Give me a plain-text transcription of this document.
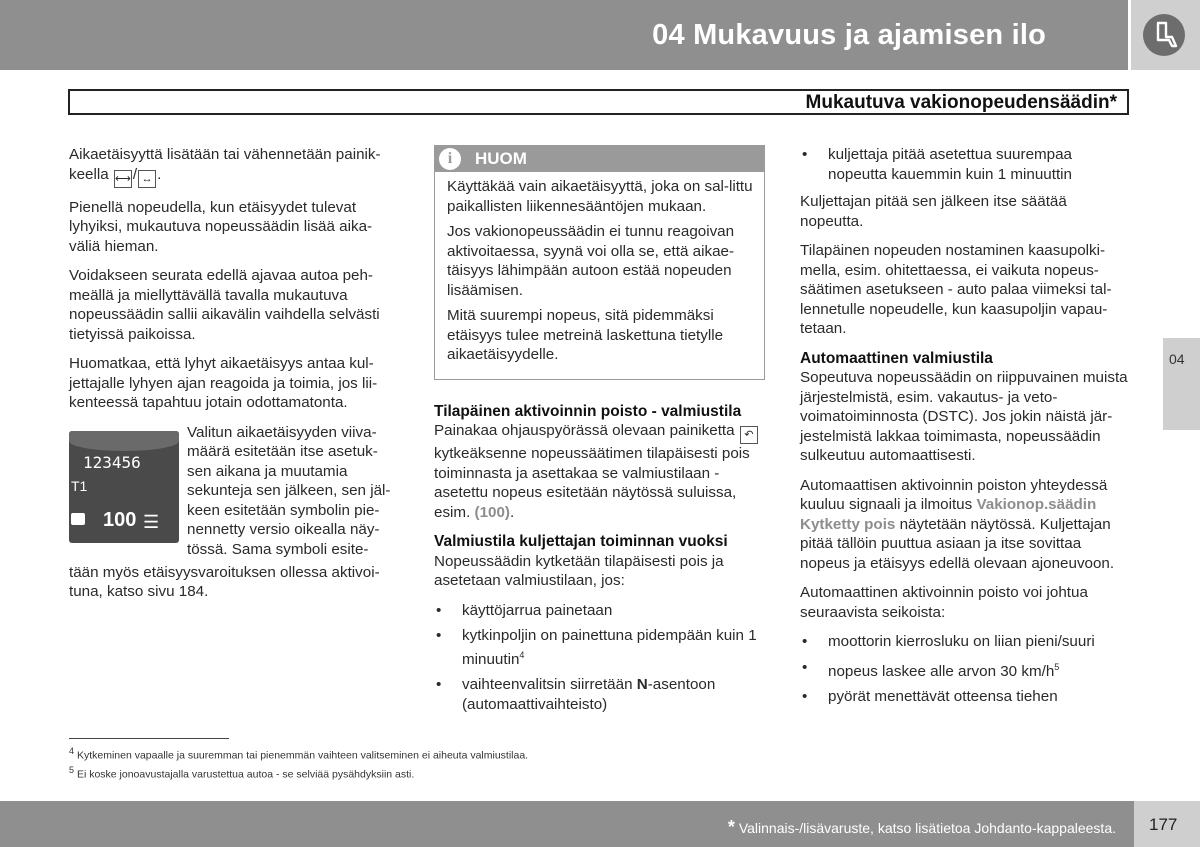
04 Mukavuus ja ajamisen ilo
Mukautuva vakionopeudensäädin*

Aikaetäisyyttä lisätään tai vähennetään painik-keella ⟷ / ↔ .

Pienellä nopeudella, kun etäisyydet tulevat lyhyiksi, mukautuva nopeussäädin lisää aika-väliä hieman.

Voidakseen seurata edellä ajavaa autoa peh-meällä ja miellyttävällä tavalla mukautuva nopeussäädin sallii aikavälin vaihdella selvästi tietyissä paikoissa.

Huomatkaa, että lyhyt aikaetäisyys antaa kul-jettajalle lyhyen ajan reagoida ja toimia, jos lii-kenteessä tapahtuu jotain odottamatonta.

123456
T1
100 ☰
Valitun aikaetäisyyden viiva-määrä esitetään itse asetuk-sen aikana ja muutamia sekunteja sen jälkeen, sen jäl-keen esitetään symbolin pie-nennetty versio oikealla näy-tössä. Sama symboli esite-
tään myös etäisyysvaroituksen ollessa aktivoi-tuna, katso sivu 184.
i	HUOM

Käyttäkää vain aikaetäisyyttä, joka on sal-littu paikallisten liikennesääntöjen mukaan.

Jos vakionopeussäädin ei tunnu reagoivan aktivoitaessa, syynä voi olla se, että aikae-täisyys lähimpään autoon estää nopeuden lisäämisen.

Mitä suurempi nopeus, sitä pidemmäksi etäisyys tulee metreinä laskettuna tietylle aikaetäisyydelle.

Tilapäinen aktivoinnin poisto - valmiustila

Painakaa ohjauspyörässä olevaan painiketta ↶ kytkeäksenne nopeussäätimen tilapäisesti pois toiminnasta ja asettakaa se valmiustilaan - asetettu nopeus esitetään näytössä suluissa, esim. (100).

Valmiustila kuljettajan toiminnan vuoksi

Nopeussäädin kytketään tilapäisesti pois ja asetetaan valmiustilaan, jos:

• käyttöjarrua painetaan
• kytkinpoljin on painettuna pidempään kuin 1 minuutin$^4$
• vaihteenvalitsin siirretään N-asentoon (automaattivaihteisto)
• kuljettaja pitää asetettua suurempaa nopeutta kauemmin kuin 1 minuuttin

Kuljettajan pitää sen jälkeen itse säätää nopeutta.

Tilapäinen nopeuden nostaminen kaasupolki-mella, esim. ohitettaessa, ei vaikuta nopeus-säätimen asetukseen - auto palaa viimeksi tal-lennetulle nopeudelle, kun kaasupoljin vapau-tetaan.

Automaattinen valmiustila

Sopeutuva nopeussäädin on riippuvainen muista järjestelmistä, esim. vakautus- ja veto-voimatoiminnosta (DSTC). Jos jokin näistä jär-jestelmistä lakkaa toimimasta, nopeussäädin sulkeutuu automaattisesti.

Automaattisen aktivoinnin poiston yhteydessä kuuluu signaali ja ilmoitus Vakionop.säädin Kytketty pois näytetään näytössä. Kuljettajan pitää tällöin puuttua asiaan ja itse sovittaa nopeus ja etäisyys edellä olevaan ajoneuvoon.

Automaattinen aktivoinnin poisto voi johtua seuraavista seikoista:

• moottorin kierrosluku on liian pieni/suuri
• nopeus laskee alle arvon 30 $km/h^5$
• pyörät menettävät otteensa tiehen
04
$^4$ Kytkeminen vapaalle ja suuremman tai pienemmän vaihteen valitseminen ei aiheuta valmiustilaa.
$^5$ Ei koske jonoavustajalla varustettua autoa - se selviää pysähdyksiin asti.
* Valinnais-/lisävaruste, katso lisätietoa Johdanto-kappaleesta. 177
